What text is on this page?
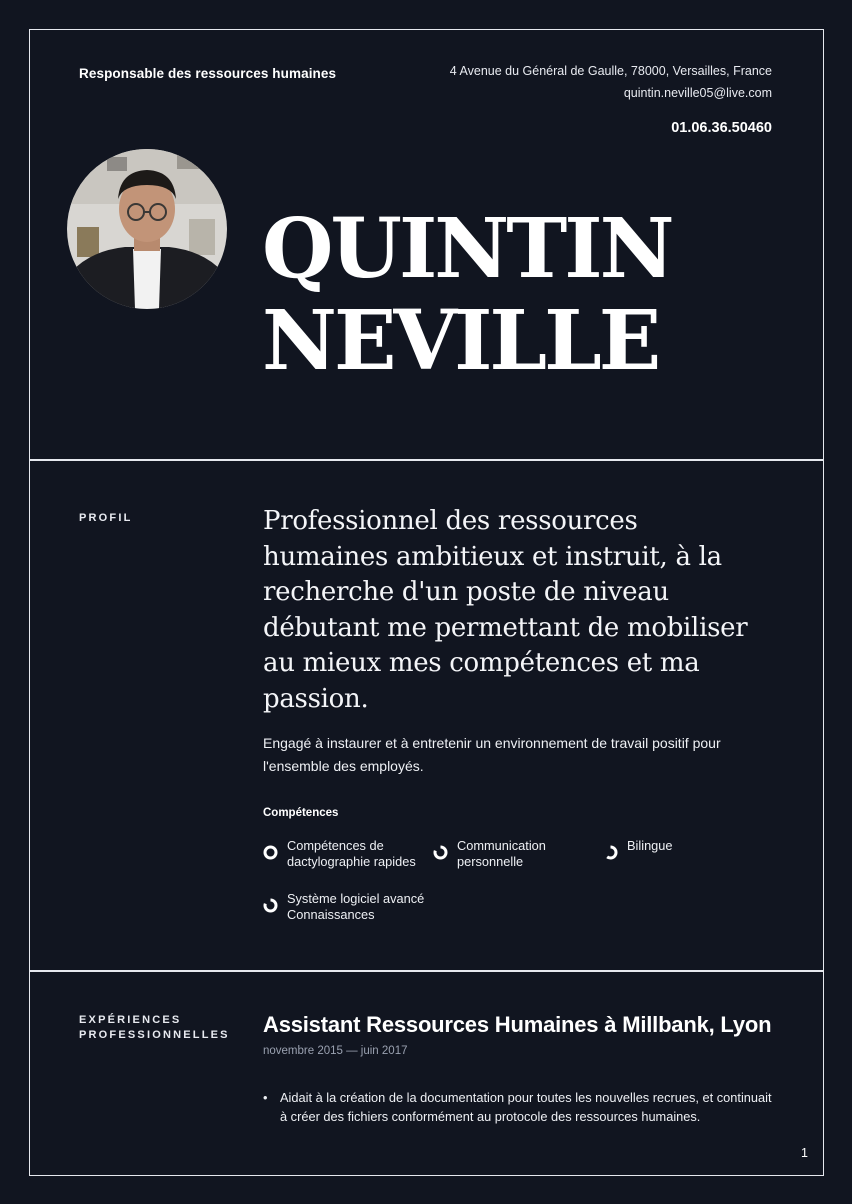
Responsable des ressources humaines	4 Avenue du Général de Gaulle, 78000, Versailles, France
quintin.neville05@live.com
01.06.36.50460
QUINTIN
NEVILLE
PROFIL	Professionnel des ressources humaines ambitieux et instruit, à la recherche d'un poste de niveau débutant me permettant de mobiliser au mieux mes compétences et ma passion.
Engagé à instaurer et à entretenir un environnement de travail positif pour l'ensemble des employés.
Compétences
Compétences de dactylographie rapides
Communication personnelle
Bilingue
Système logiciel avancé Connaissances
EXPÉRIENCES PROFESSIONNELLES	Assistant Ressources Humaines à Millbank, Lyon
novembre 2015 — juin 2017
• Aidait à la création de la documentation pour toutes les nouvelles recrues, et continuait à créer des fichiers conformément au protocole des ressources humaines.
1
